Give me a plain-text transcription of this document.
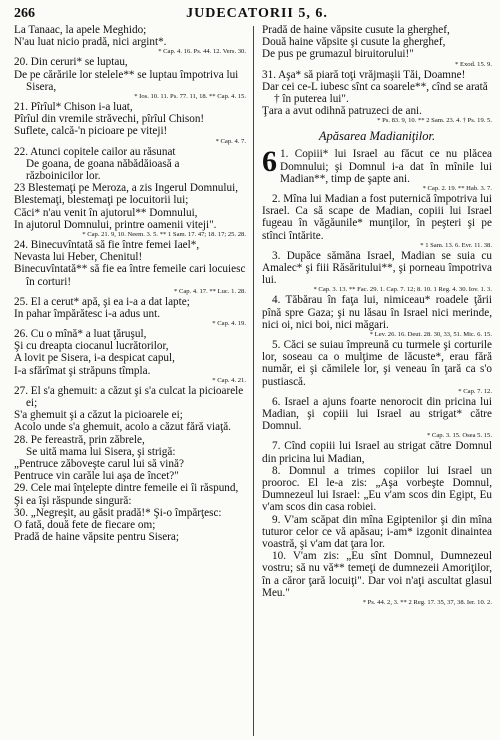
266	JUDECATORII 5, 6.
La Tanaac, la apele Meghido;
N'au luat nicio pradă, nici argint*.
* Cap. 4. 16. Ps. 44. 12. Vers. 30.
20. Din ceruri* se luptau,
De pe cărările lor stelele** se luptau împotriva lui Sisera,
* Ios. 10. 11. Ps. 77. 11, 18. ** Cap. 4. 15.
21. Pîrîul* Chison i-a luat,
Pîrîul din vremile străvechi, pîrîul Chison!
Suflete, calcă-'n picioare pe viteji!
* Cap. 4. 7.
22. Atunci copitele cailor au răsunat
De goana, de goana năbădăioasă a
războinicilor lor.
23 Blestemaţi pe Meroza, a zis Ingerul Domnului,
Blestemaţi, blestemaţi pe locuitorii lui;
Căci* n'au venit în ajutorul** Domnului,
In ajutorul Domnului, printre oamenii viteji".
* Cap. 21. 9, 10. Neem. 3. 5. ** 1 Sam. 17. 47; 18. 17; 25. 28.
24. Binecuvîntată să fie între femei Iael*,
Nevasta lui Heber, Chenitul!
Binecuvîntată** să fie ea între femeile cari locuiesc în corturi!
* Cap. 4. 17. ** Luc. 1. 28.
25. El a cerut* apă, şi ea i-a a dat lapte;
In pahar împărătesc i-a adus unt.
* Cap. 4. 19.
26. Cu o mînă* a luat ţăruşul,
Şi cu dreapta ciocanul lucrătorilor,
A lovit pe Sisera, i-a despicat capul,
I-a sfărîmat şi străpuns tîmpla.
* Cap. 4. 21.
27. El s'a ghemuit: a căzut şi s'a culcat la picioarele ei;
S'a ghemuit şi a căzut la picioarele ei;
Acolo unde s'a ghemuit, acolo a căzut fără viaţă.
28. Pe fereastră, prin zăbrele,
Se uită mama lui Sisera, şi strigă:
„Pentruce zăboveşte carul lui să vină?
Pentruce vin carăle lui aşa de încet?"
29. Cele mai înţelepte dintre femeile ei îi răspund,
Şi ea îşi răspunde singură:
30. „Negreşit, au găsit pradă!* Şi-o împărţesc:
O fată, două fete de fiecare om;
Pradă de haine văpsite pentru Sisera;
Pradă de haine văpsite cusute la gherghef,
Două haine văpsite şi cusute la gherghef,
De pus pe grumazul biruitorului!"
* Exod. 15. 9.
31. Aşa* să piară toţi vrăjmaşii Tăi, Doamne!
Dar cei ce-L iubesc sînt ca soarele**, cînd se arată † în puterea lui".
Ţara a avut odihnă patruzeci de ani.
* Ps. 83. 9, 10. ** 2 Sam. 23. 4. † Ps. 19. 5.
Apăsarea Madianiţilor.
6 1. Copiii* lui Israel au făcut ce nu plăcea Domnului; şi Domnul i-a dat în mînile lui Madian**, timp de şapte ani.
* Cap. 2. 19. ** Hab. 3. 7.
2. Mîna lui Madian a fost puternică împotriva lui Israel. Ca să scape de Madian, copiii lui Israel fugeau în văgăunile* munţilor, în peşteri şi pe stînci întărite.
* 1 Sam. 13. 6. Evr. 11. 38.
3. Dupăce sămăna Israel, Madian se suia cu Amalec* şi fiii Răsăritului**, şi porneau împotriva lui.
* Cap. 3. 13. ** Fac. 29. 1. Cap. 7. 12; 8. 10. 1 Reg. 4. 30. Iov. 1. 3.
4. Tăbărau în faţa lui, nimiceau* roadele ţării pînă spre Gaza; şi nu lăsau în Israel nici merinde, nici oi, nici boi, nici măgari.
* Lev. 26. 16. Deut. 28. 30, 33, 51. Mic. 6. 15.
5. Căci se suiau împreună cu turmele şi corturile lor, soseau ca o mulţime de lăcuste*, erau fără număr, ei şi cămilele lor, şi veneau în ţară ca s'o pustiască.
* Cap. 7. 12.
6. Israel a ajuns foarte nenorocit din pricina lui Madian, şi copiii lui Israel au strigat* către Domnul.
* Cap. 3. 15. Osea 5. 15.
7. Cînd copiii lui Israel au strigat către Domnul din pricina lui Madian,
8. Domnul a trimes copiilor lui Israel un prooroc. El le-a zis: „Aşa vorbeşte Domnul, Dumnezeul lui Israel: „Eu v'am scos din Egipt, Eu v'am scos din casa robiei.
9. V'am scăpat din mîna Egiptenilor şi din mîna tuturor celor ce vă apăsau; i-am* izgonit dinaintea voastră, şi v'am dat ţara lor.
10. V'am zis: „Eu sînt Domnul, Dumnezeul vostru; să nu vă** temeţi de dumnezeii Amoriţilor, în a căror ţară locuiţi". Dar voi n'aţi ascultat glasul Meu."
* Ps. 44. 2, 3. ** 2 Reg. 17. 35, 37, 38. Ier. 10. 2.
